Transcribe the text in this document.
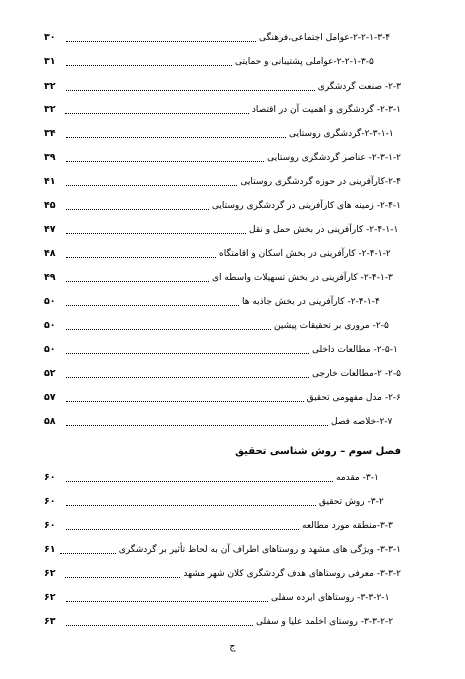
۳۰	۲-۲-۱-۳-۴-عوامل اجتماعی،فرهنگی
۳۱	۲-۲-۱-۳-۵-عواملی پشتیبانی و حمایتی
۳۲	۲-۳- صنعت گردشگری
۳۲	۲-۳-۱- گردشگری و اهمیت آن در اقتصاد
۳۴	۲-۳-۱-۱-گردشگری روستایی
۳۹	۲-۳-۱-۲- عناصر گردشگری روستایی
۴۱	۲-۴-کارآفرینی در حوزه گردشگری روستایی
۴۵	۲-۴-۱- زمینه های کارآفرینی در گردشگری روستایی
۴۷	۲-۴-۱-۱- کارآفرینی در بخش حمل و نقل
۴۸	۲-۴-۱-۲- کارآفرینی در بخش اسکان و اقامتگاه
۴۹	۲-۴-۱-۳- کارآفرینی در بخش تسهیلات واسطه ای
۵۰	۲-۴-۱-۴- کارآفرینی در بخش جاذبه ها
۵۰	۲-۵- مروری بر تحقیقات پیشین
۵۰	۲-۵-۱- مطالعات داخلی
۵۲	۲-۵- ۲-مطالعات خارجی
۵۷	۲-۶- مدل مفهومی تحقیق
۵۸	۲-۷-خلاصه فصل
فصل سوم – روش شناسی تحقیق
۶۰	۳-۱- مقدمه
۶۰	۳-۲- روش تحقیق
۶۰	۳-۳-منطقه مورد مطالعه
۶۱	۳-۳-۱- ویژگی های مشهد و روستاهای اطراف آن به لحاظ تأثیر بر گردشگری
۶۲	۳-۳-۲- معرفی روستاهای هدف گردشگری کلان شهر مشهد
۶۲	۳-۳-۲-۱- روستاهای ابرده سفلی
۶۳	۳-۳-۲-۲- روستای اخلمد علیا و سفلی
ج
